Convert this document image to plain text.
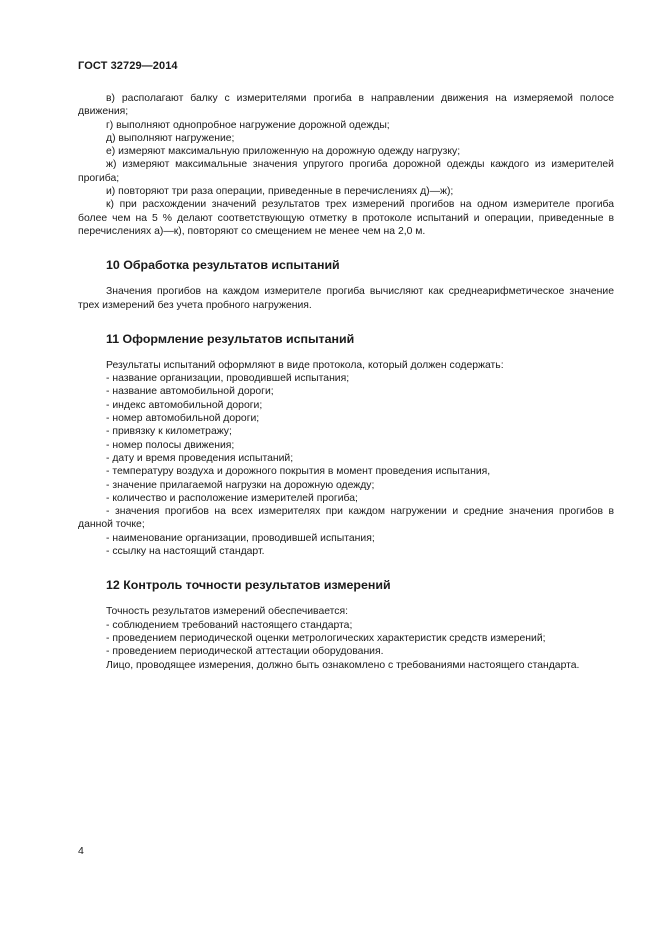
ГОСТ 32729—2014

в) располагают балку с измерителями прогиба в направлении движения на измеряемой полосе движения;

г) выполняют однопробное нагружение дорожной одежды;

д) выполняют нагружение;

е) измеряют максимальную приложенную на дорожную одежду нагрузку;

ж) измеряют максимальные значения упругого прогиба дорожной одежды каждого из измерителей прогиба;

и) повторяют три раза операции, приведенные в перечислениях д)—ж);

к) при расхождении значений результатов трех измерений прогибов на одном измерителе прогиба более чем на 5 % делают соответствующую отметку в протоколе испытаний и операции, приведенные в перечислениях а)—к), повторяют со смещением не менее чем на 2,0 м.

10 Обработка результатов испытаний

Значения прогибов на каждом измерителе прогиба вычисляют как среднеарифметическое значение трех измерений без учета пробного нагружения.

11 Оформление результатов испытаний

Результаты испытаний оформляют в виде протокола, который должен содержать:

- название организации, проводившей испытания;

- название автомобильной дороги;

- индекс автомобильной дороги;

- номер автомобильной дороги;

- привязку к километражу;

- номер полосы движения;

- дату и время проведения испытаний;

- температуру воздуха и дорожного покрытия в момент проведения испытания,

- значение прилагаемой нагрузки на дорожную одежду;

- количество и расположение измерителей прогиба;

- значения прогибов на всех измерителях при каждом нагружении и средние значения прогибов в данной точке;

- наименование организации, проводившей испытания;

- ссылку на настоящий стандарт.

12 Контроль точности результатов измерений

Точность результатов измерений обеспечивается:

- соблюдением требований настоящего стандарта;

- проведением периодической оценки метрологических характеристик средств измерений;

- проведением периодической аттестации оборудования.

Лицо, проводящее измерения, должно быть ознакомлено с требованиями настоящего стандарта.

4
